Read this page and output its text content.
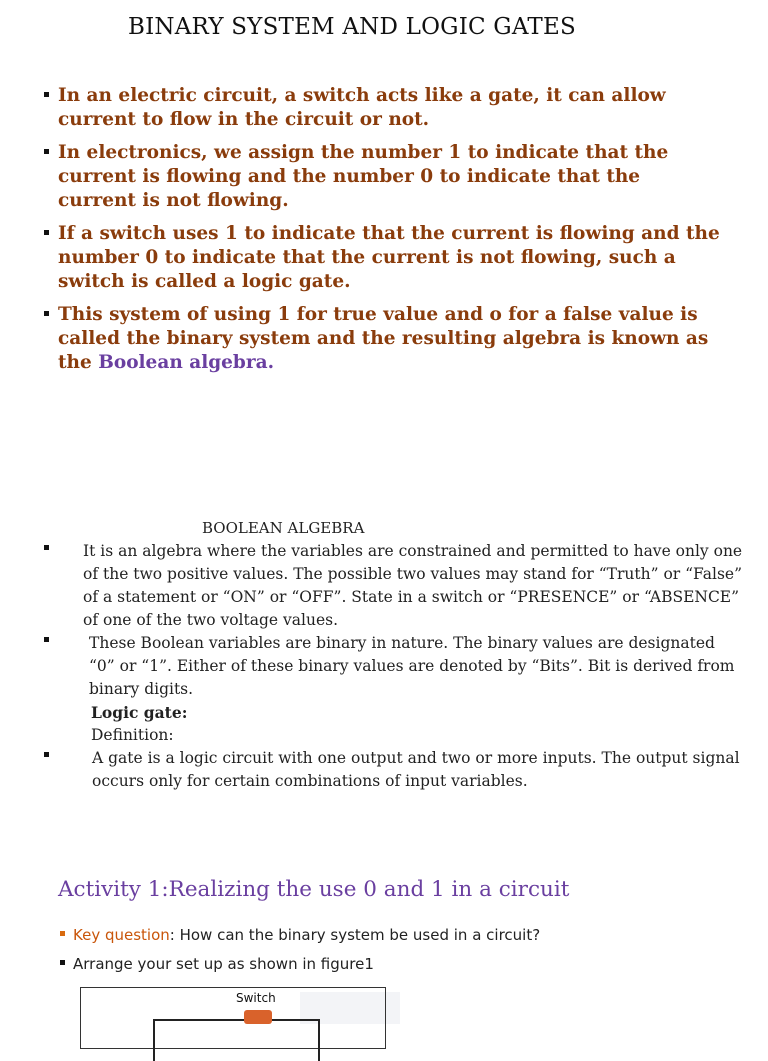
BINARY SYSTEM AND LOGIC GATES
In an electric circuit, a switch acts like a gate, it can allow current to flow in the circuit or not.
In electronics, we assign the number 1 to indicate that the current is flowing and the number 0 to indicate that the current is not flowing.
If a switch uses 1 to indicate that the current is flowing and the number 0 to indicate that the current is not flowing, such a switch is called a logic gate.
This system of using 1 for true value and o for a false value is called the binary system and the resulting algebra is known as the Boolean algebra.
BOOLEAN ALGEBRA
It is an algebra where the variables are constrained and permitted to have only one of the two positive values. The possible two values may stand for “Truth” or “False” of a statement or “ON” or “OFF”. State in a switch or “PRESENCE” or “ABSENCE” of one of the two voltage values.
These Boolean variables are binary in nature. The binary values are designated “0” or “1”. Either of these binary values are denoted by “Bits”. Bit is derived from binary digits.
Logic gate:
Definition:
A gate is a logic circuit with one output and two or more inputs. The output signal occurs only for certain combinations of input variables.
Activity 1:Realizing the use 0 and 1 in a circuit
Key question: How can the binary system be used in a circuit?
Arrange your set up as shown in figure1
Switch
